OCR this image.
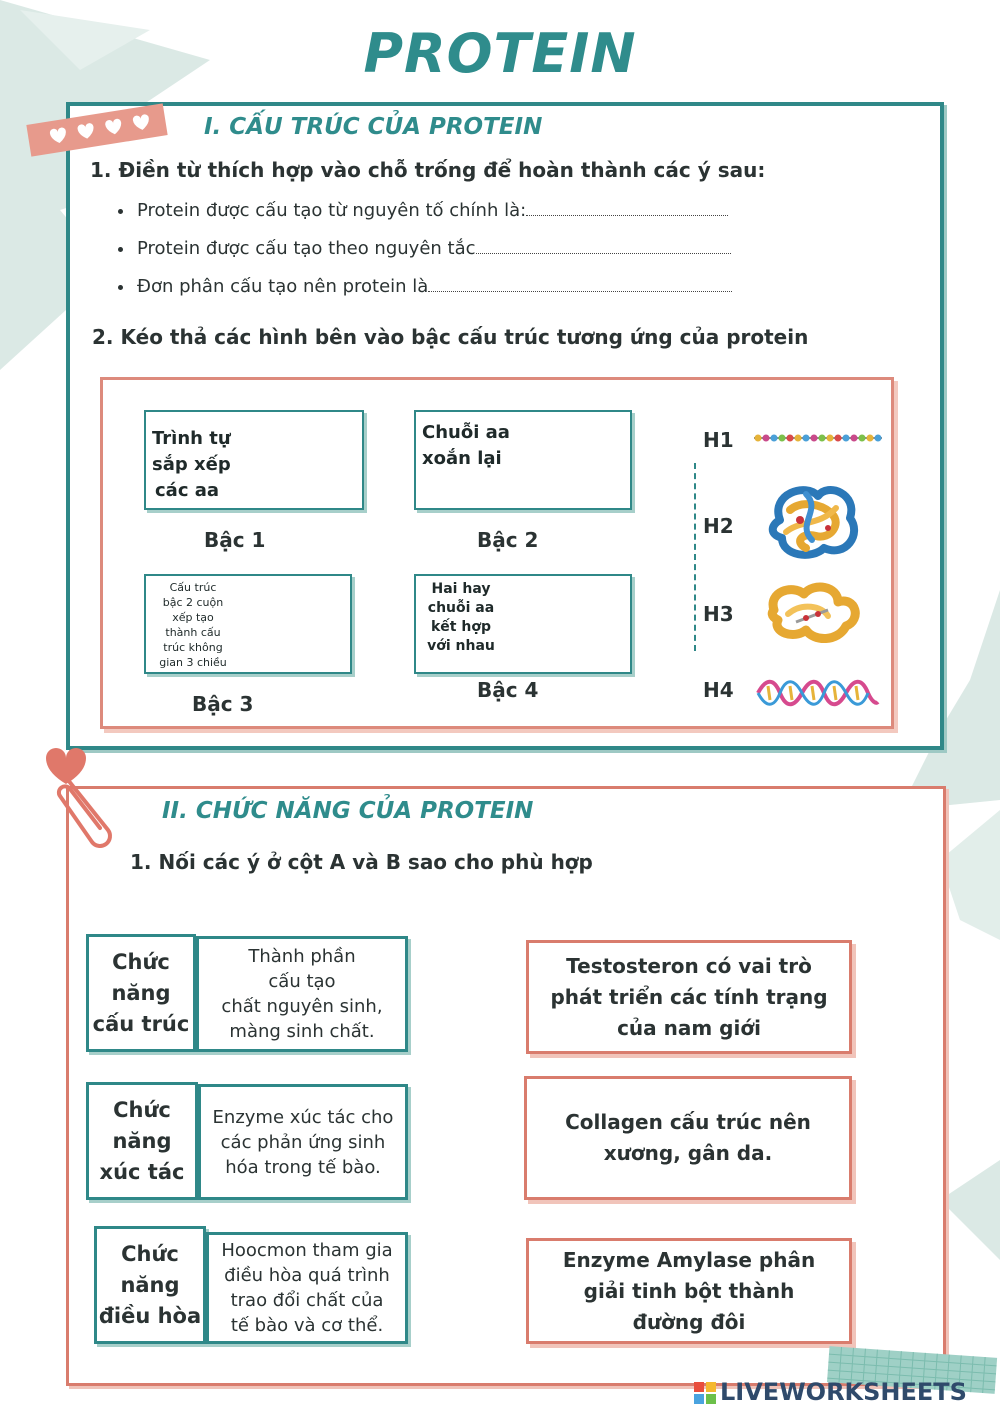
PROTEIN
I. CẤU TRÚC CỦA PROTEIN
1. Điền từ thích hợp vào chỗ trống để hoàn thành các ý sau:
Protein được cấu tạo từ nguyên tố chính là:
Protein được cấu tạo theo nguyên tắc
Đơn phân cấu tạo nên protein là
2. Kéo thả các hình bên vào bậc cấu trúc tương ứng của protein
Trình tự
sắp xếp
các aa
Bậc 1
Chuỗi aa
xoắn lại
Bậc 2
Cấu trúc
bậc 2 cuộn
xếp tạo
thành cấu
trúc không
gian 3 chiều
Bậc 3
Hai hay
chuỗi aa
kết hợp
với nhau
Bậc 4
H1
H2
H3
H4
II. CHỨC NĂNG CỦA PROTEIN
1. Nối các ý ở cột A và B sao cho phù hợp
Chức
năng
cấu trúc
Thành phần
cấu tạo
chất nguyên sinh,
màng sinh chất.
Chức
năng
xúc tác
Enzyme xúc tác cho
các phản ứng sinh
hóa trong tế bào.
Chức
năng
điều hòa
Hoocmon tham gia
điều hòa quá trình
trao đổi chất của
tế bào và cơ thể.
Testosteron có vai trò
phát triển các tính trạng
của nam giới
Collagen cấu trúc nên
xương, gân da.
Enzyme Amylase phân
giải tinh bột thành
đường đôi
LIVEWORKSHEETS
